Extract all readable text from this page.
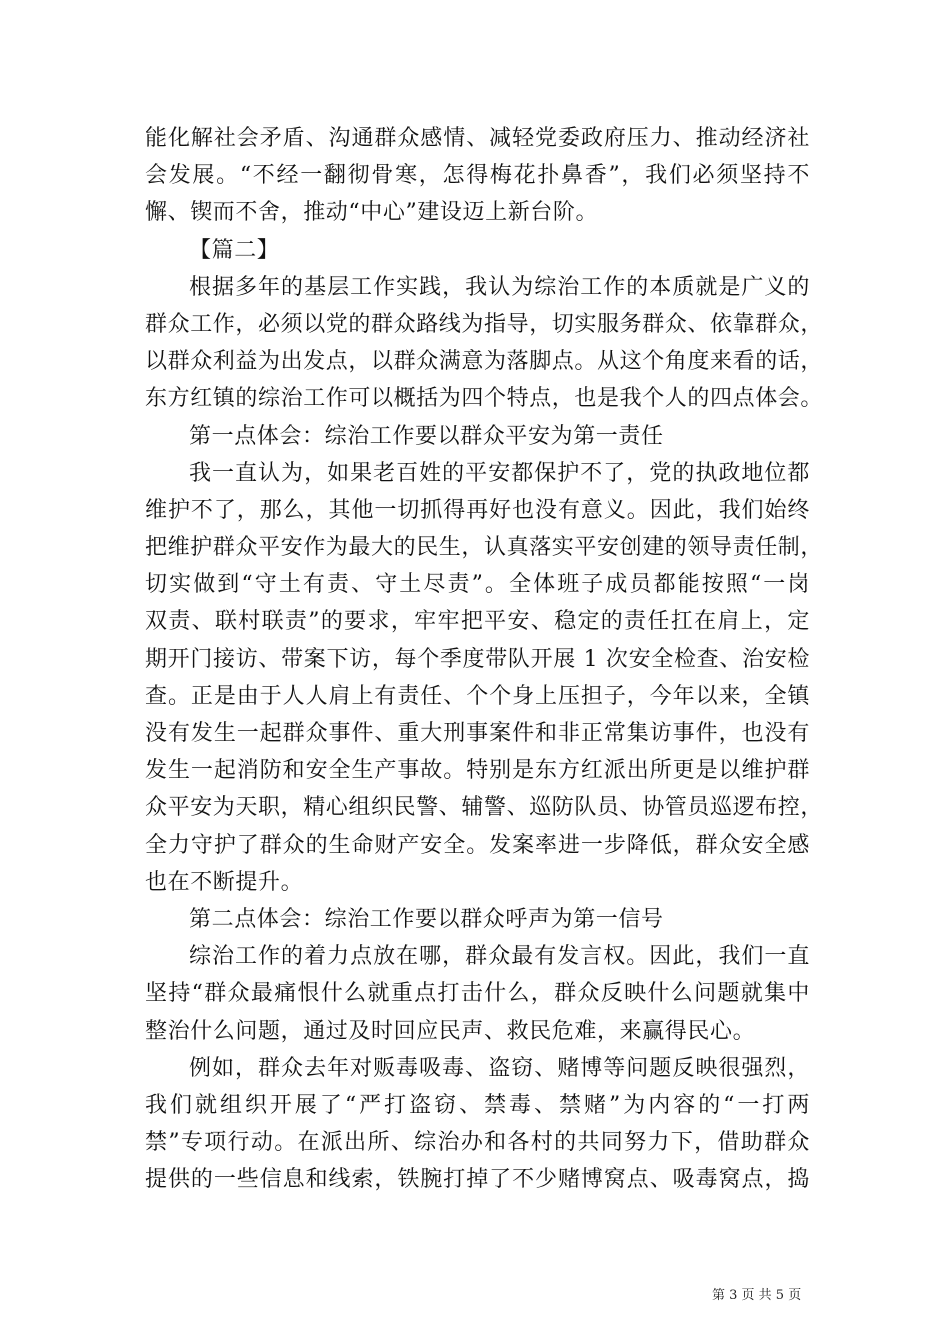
能化解社会矛盾、沟通群众感情、减轻党委政府压力、推动经济社
会发展。“不经一翻彻骨寒，怎得梅花扑鼻香”，我们必须坚持不
懈、锲而不舍，推动“中心”建设迈上新台阶。
【篇二】
根据多年的基层工作实践，我认为综治工作的本质就是广义的
群众工作，必须以党的群众路线为指导，切实服务群众、依靠群众，
以群众利益为出发点，以群众满意为落脚点。从这个角度来看的话，
东方红镇的综治工作可以概括为四个特点，也是我个人的四点体会。
第一点体会：综治工作要以群众平安为第一责任
我一直认为，如果老百姓的平安都保护不了，党的执政地位都
维护不了，那么，其他一切抓得再好也没有意义。因此，我们始终
把维护群众平安作为最大的民生，认真落实平安创建的领导责任制，
切实做到“守土有责、守土尽责”。全体班子成员都能按照“一岗
双责、联村联责”的要求，牢牢把平安、稳定的责任扛在肩上，定
期开门接访、带案下访，每个季度带队开展 1 次安全检查、治安检
查。正是由于人人肩上有责任、个个身上压担子，今年以来，全镇
没有发生一起群众事件、重大刑事案件和非正常集访事件，也没有
发生一起消防和安全生产事故。特别是东方红派出所更是以维护群
众平安为天职，精心组织民警、辅警、巡防队员、协管员巡逻布控，
全力守护了群众的生命财产安全。发案率进一步降低，群众安全感
也在不断提升。
第二点体会：综治工作要以群众呼声为第一信号
综治工作的着力点放在哪，群众最有发言权。因此，我们一直
坚持“群众最痛恨什么就重点打击什么，群众反映什么问题就集中
整治什么问题，通过及时回应民声、救民危难，来赢得民心。
例如，群众去年对贩毒吸毒、盗窃、赌博等问题反映很强烈，
我们就组织开展了“严打盗窃、禁毒、禁赌”为内容的“一打两
禁”专项行动。在派出所、综治办和各村的共同努力下，借助群众
提供的一些信息和线索，铁腕打掉了不少赌博窝点、吸毒窝点，捣
第 3 页 共 5 页
